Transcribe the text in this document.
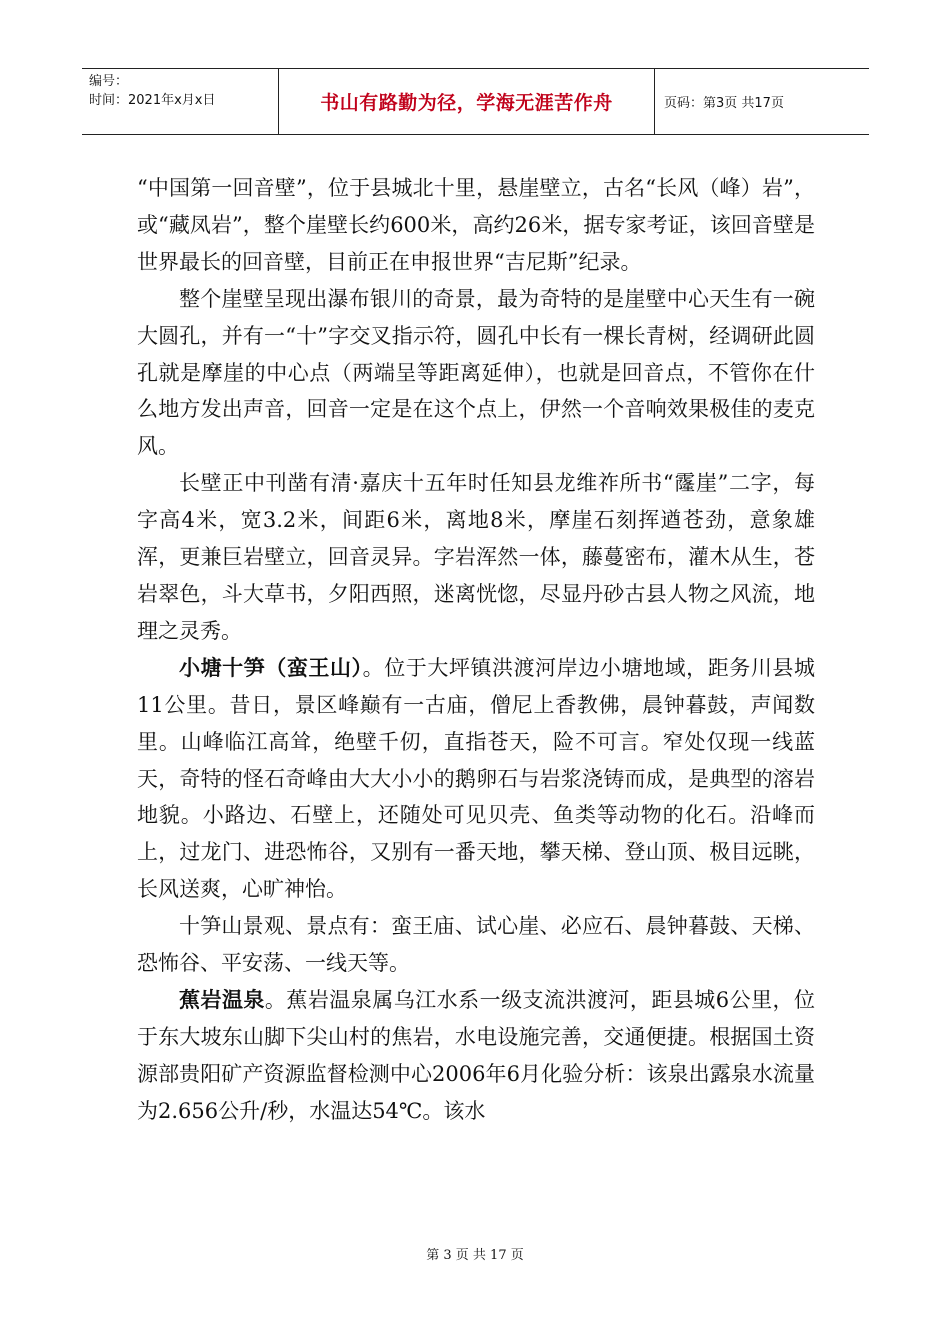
编号：
时间：2021年x月x日	书山有路勤为径，学海无涯苦作舟	页码：第3页 共17页

“中国第一回音壁”，位于县城北十里，悬崖壁立，古名“长风（峰）岩”，或“藏凤岩”，整个崖壁长约600米，高约26米，据专家考证，该回音壁是世界最长的回音壁，目前正在申报世界“吉尼斯”纪录。

整个崖壁呈现出瀑布银川的奇景，最为奇特的是崖壁中心天生有一碗大圆孔，并有一“十”字交叉指示符，圆孔中长有一棵长青树，经调研此圆孔就是摩崖的中心点（两端呈等距离延伸），也就是回音点，不管你在什么地方发出声音，回音一定是在这个点上，伊然一个音响效果极佳的麦克风。

长壁正中刊凿有清·嘉庆十五年时任知县龙维祚所书“霳崖”二字，每字高4米，宽3.2米，间距6米，离地8米，摩崖石刻挥遒苍劲，意象雄浑，更兼巨岩壁立，回音灵异。字岩浑然一体，藤蔓密布，灌木从生，苍岩翠色，斗大草书，夕阳西照，迷离恍惚，尽显丹砂古县人物之风流，地理之灵秀。

小塘十笋（蛮王山）。位于大坪镇洪渡河岸边小塘地域，距务川县城11公里。昔日，景区峰巅有一古庙，僧尼上香教佛，晨钟暮鼓，声闻数里。山峰临江高耸，绝壁千仞，直指苍天，险不可言。窄处仅现一线蓝天，奇特的怪石奇峰由大大小小的鹅卵石与岩浆浇铸而成，是典型的溶岩地貌。小路边、石壁上，还随处可见贝壳、鱼类等动物的化石。沿峰而上，过龙门、进恐怖谷，又别有一番天地，攀天梯、登山顶、极目远眺，长风送爽，心旷神怡。

十笋山景观、景点有：蛮王庙、试心崖、必应石、晨钟暮鼓、天梯、恐怖谷、平安荡、一线天等。

蕉岩温泉。蕉岩温泉属乌江水系一级支流洪渡河，距县城6公里，位于东大坡东山脚下尖山村的焦岩，水电设施完善，交通便捷。根据国土资源部贵阳矿产资源监督检测中心2006年6月化验分析：该泉出露泉水流量为2.656公升/秒，水温达54℃。该水

第 3 页 共 17 页
